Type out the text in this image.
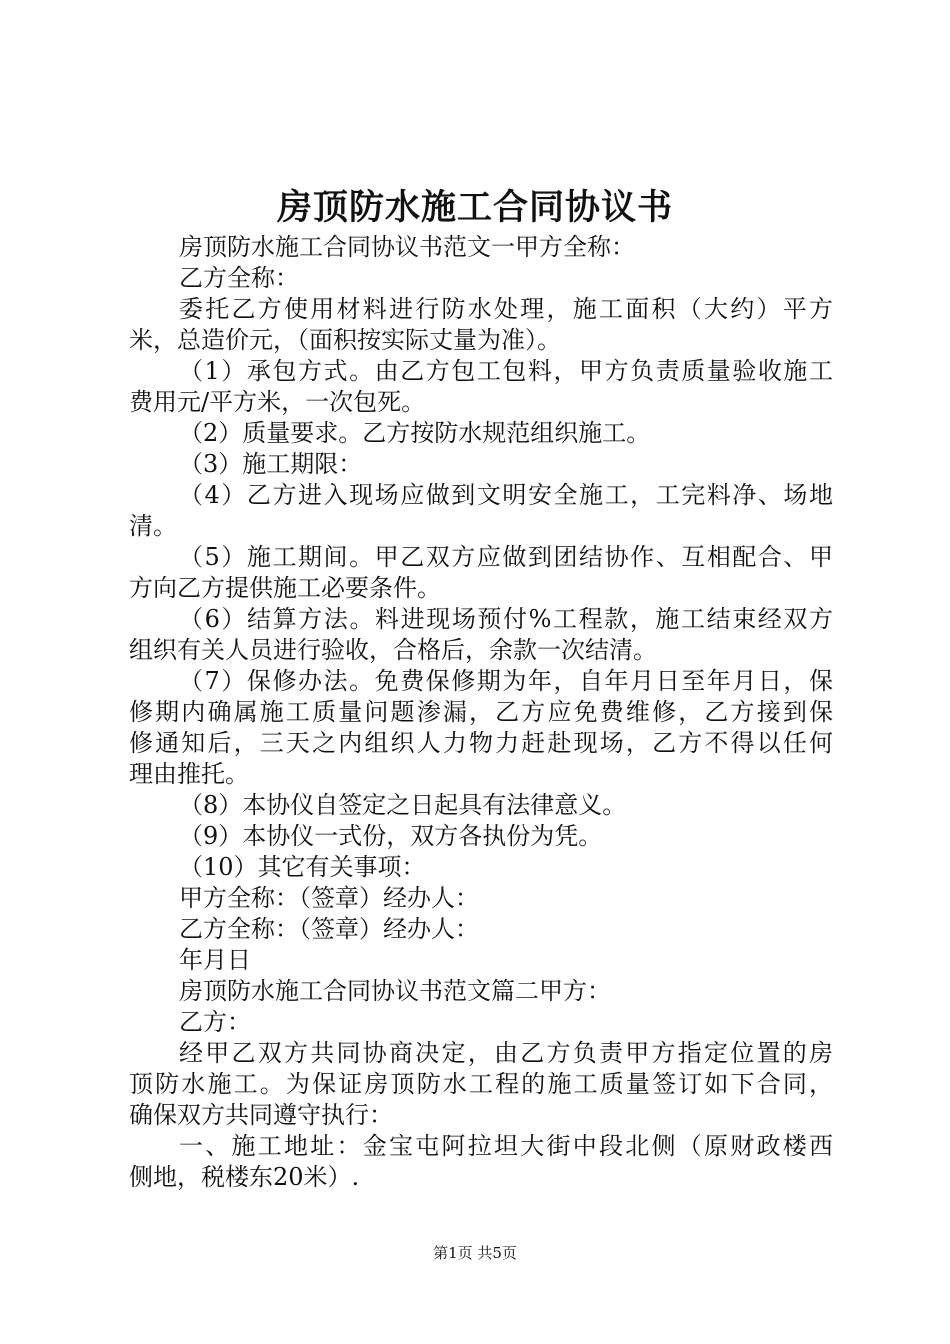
房顶防水施工合同协议书
房顶防水施工合同协议书范文一甲方全称：
乙方全称：
委托乙方使用材料进行防水处理，施工面积（大约）平方
米，总造价元，（面积按实际丈量为准）。
（1）承包方式。由乙方包工包料，甲方负责质量验收施工
费用元/平方米，一次包死。
（2）质量要求。乙方按防水规范组织施工。
（3）施工期限：
（4）乙方进入现场应做到文明安全施工，工完料净、场地
清。
（5）施工期间。甲乙双方应做到团结协作、互相配合、甲
方向乙方提供施工必要条件。
（6）结算方法。料进现场预付%工程款，施工结束经双方
组织有关人员进行验收，合格后，余款一次结清。
（7）保修办法。免费保修期为年，自年月日至年月日，保
修期内确属施工质量问题渗漏，乙方应免费维修，乙方接到保
修通知后，三天之内组织人力物力赶赴现场，乙方不得以任何
理由推托。
（8）本协仪自签定之日起具有法律意义。
（9）本协仪一式份，双方各执份为凭。
（10）其它有关事项：
甲方全称：（签章）经办人：
乙方全称：（签章）经办人：
年月日
房顶防水施工合同协议书范文篇二甲方：
乙方：
经甲乙双方共同协商决定，由乙方负责甲方指定位置的房
顶防水施工。为保证房顶防水工程的施工质量签订如下合同，
确保双方共同遵守执行：
一、施工地址：金宝屯阿拉坦大街中段北侧（原财政楼西
侧地，税楼东20米）.
第1页 共5页
